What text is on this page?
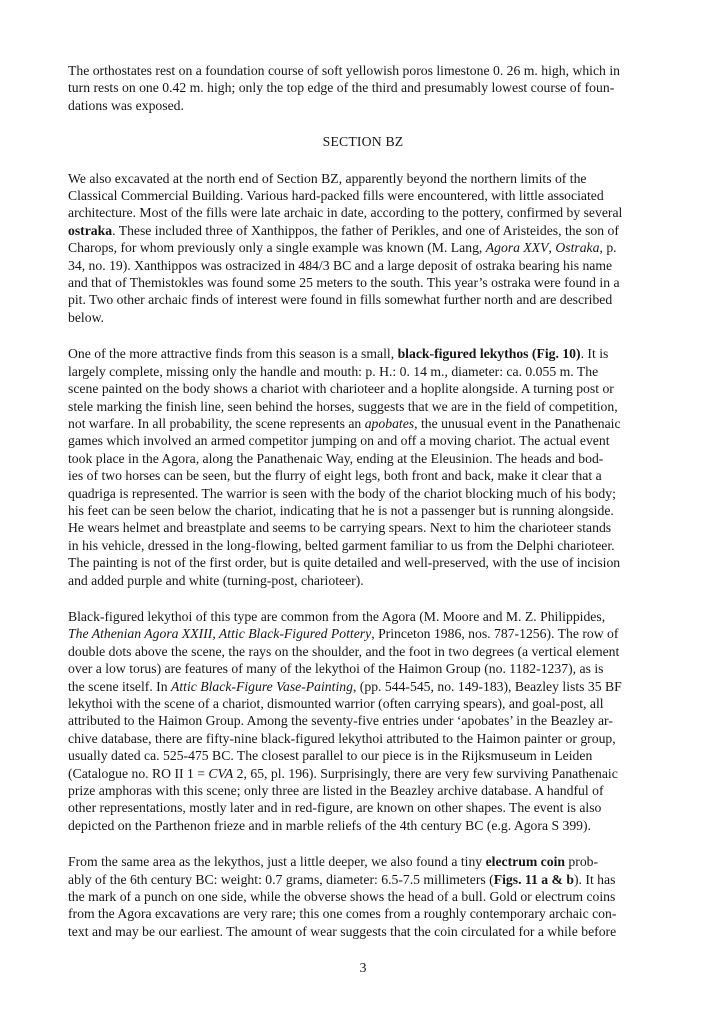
The orthostates rest on a foundation course of soft yellowish poros limestone 0. 26 m. high, which in
turn rests on one 0.42 m. high; only the top edge of the third and presumably lowest course of foun-
dations was exposed.

SECTION BZ

We also excavated at the north end of Section BZ, apparently beyond the northern limits of the
Classical Commercial Building. Various hard-packed fills were encountered, with little associated
architecture. Most of the fills were late archaic in date, according to the pottery, confirmed by several
ostraka. These included three of Xanthippos, the father of Perikles, and one of Aristeides, the son of
Charops, for whom previously only a single example was known (M. Lang, Agora XXV, Ostraka, p.
34, no. 19). Xanthippos was ostracized in 484/3 BC and a large deposit of ostraka bearing his name
and that of Themistokles was found some 25 meters to the south. This year’s ostraka were found in a
pit. Two other archaic finds of interest were found in fills somewhat further north and are described
below.

One of the more attractive finds from this season is a small, black-figured lekythos (Fig. 10). It is
largely complete, missing only the handle and mouth: p. H.: 0. 14 m., diameter: ca. 0.055 m. The
scene painted on the body shows a chariot with charioteer and a hoplite alongside. A turning post or
stele marking the finish line, seen behind the horses, suggests that we are in the field of competition,
not warfare. In all probability, the scene represents an apobates, the unusual event in the Panathenaic
games which involved an armed competitor jumping on and off a moving chariot. The actual event
took place in the Agora, along the Panathenaic Way, ending at the Eleusinion. The heads and bod-
ies of two horses can be seen, but the flurry of eight legs, both front and back, make it clear that a
quadriga is represented. The warrior is seen with the body of the chariot blocking much of his body;
his feet can be seen below the chariot, indicating that he is not a passenger but is running alongside.
He wears helmet and breastplate and seems to be carrying spears. Next to him the charioteer stands
in his vehicle, dressed in the long-flowing, belted garment familiar to us from the Delphi charioteer.
The painting is not of the first order, but is quite detailed and well-preserved, with the use of incision
and added purple and white (turning-post, charioteer).

Black-figured lekythoi of this type are common from the Agora (M. Moore and M. Z. Philippides,
The Athenian Agora XXIII, Attic Black-Figured Pottery, Princeton 1986, nos. 787-1256). The row of
double dots above the scene, the rays on the shoulder, and the foot in two degrees (a vertical element
over a low torus) are features of many of the lekythoi of the Haimon Group (no. 1182-1237), as is
the scene itself. In Attic Black-Figure Vase-Painting, (pp. 544-545, no. 149-183), Beazley lists 35 BF
lekythoi with the scene of a chariot, dismounted warrior (often carrying spears), and goal-post, all
attributed to the Haimon Group. Among the seventy-five entries under ‘apobates’ in the Beazley ar-
chive database, there are fifty-nine black-figured lekythoi attributed to the Haimon painter or group,
usually dated ca. 525-475 BC. The closest parallel to our piece is in the Rijksmuseum in Leiden
(Catalogue no. RO II 1 = CVA 2, 65, pl. 196). Surprisingly, there are very few surviving Panathenaic
prize amphoras with this scene; only three are listed in the Beazley archive database. A handful of
other representations, mostly later and in red-figure, are known on other shapes. The event is also
depicted on the Parthenon frieze and in marble reliefs of the 4th century BC (e.g. Agora S 399).

From the same area as the lekythos, just a little deeper, we also found a tiny electrum coin prob-
ably of the 6th century BC: weight: 0.7 grams, diameter: 6.5-7.5 millimeters (Figs. 11 a & b). It has
the mark of a punch on one side, while the obverse shows the head of a bull. Gold or electrum coins
from the Agora excavations are very rare; this one comes from a roughly contemporary archaic con-
text and may be our earliest. The amount of wear suggests that the coin circulated for a while before

3
